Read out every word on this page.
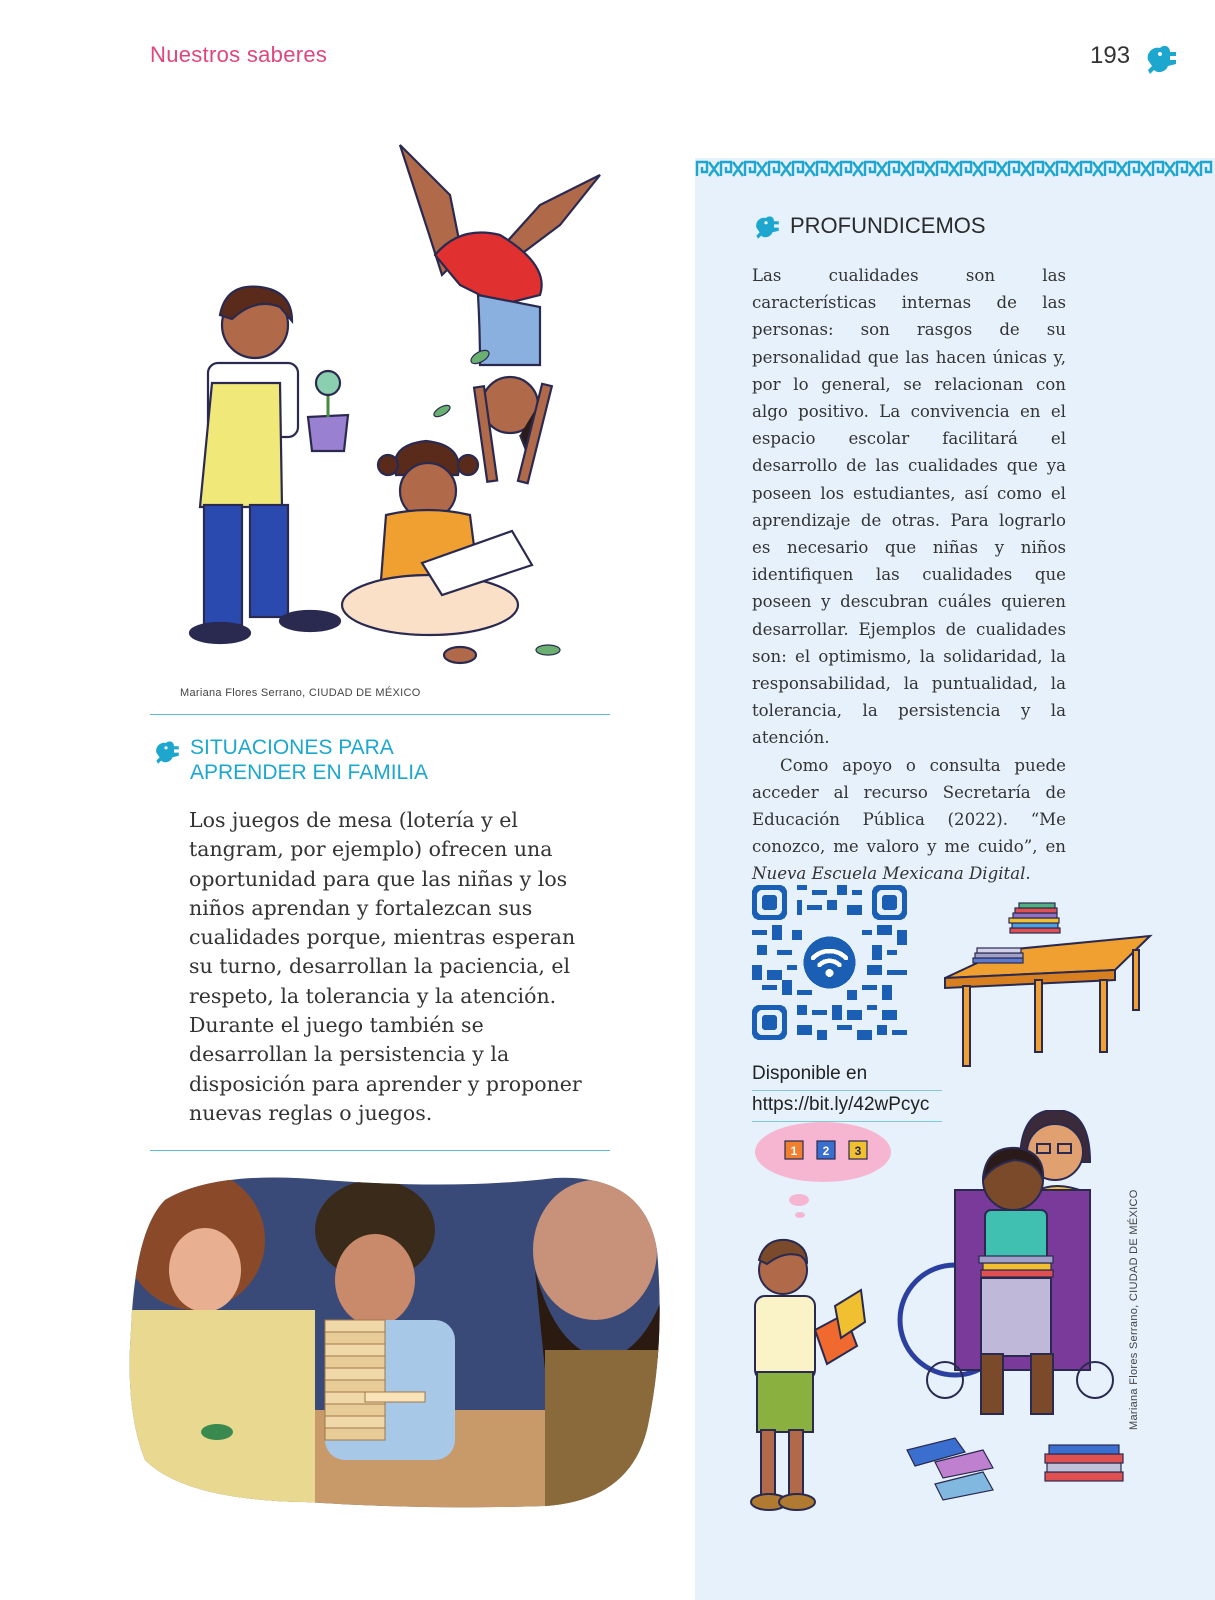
Nuestros saberes	193
PROFUNDICEMOS

Las cualidades son las características internas de las personas: son rasgos de su personalidad que las hacen únicas y, por lo general, se relacionan con algo positivo. La convivencia en el espacio escolar facilitará el desarrollo de las cualidades que ya poseen los estudiantes, así como el aprendizaje de otras. Para lograrlo es necesario que niñas y niños identifiquen las cualidades que poseen y descubran cuáles quieren desarrollar. Ejemplos de cualidades son: el optimismo, la solidaridad, la responsabilidad, la puntualidad, la tolerancia, la persistencia y la atención.

Como apoyo o consulta puede acceder al recurso Secretaría de Educación Pública (2022). “Me conozco, me valoro y me cuido”, en Nueva Escuela Mexicana Digital.

Disponible en
https://bit.ly/42wPcyc
1 2 3
Mariana Flores Serrano, CIUDAD DE MÉXICO
Mariana Flores Serrano, CIUDAD DE MÉXICO
SITUACIONES PARA
APRENDER EN FAMILIA
Los juegos de mesa (lotería y el tangram, por ejemplo) ofrecen una oportunidad para que las niñas y los niños aprendan y fortalezcan sus cualidades porque, mientras esperan su turno, desarrollan la paciencia, el respeto, la tolerancia y la atención. Durante el juego también se desarrollan la persistencia y la disposición para aprender y proponer nuevas reglas o juegos.
